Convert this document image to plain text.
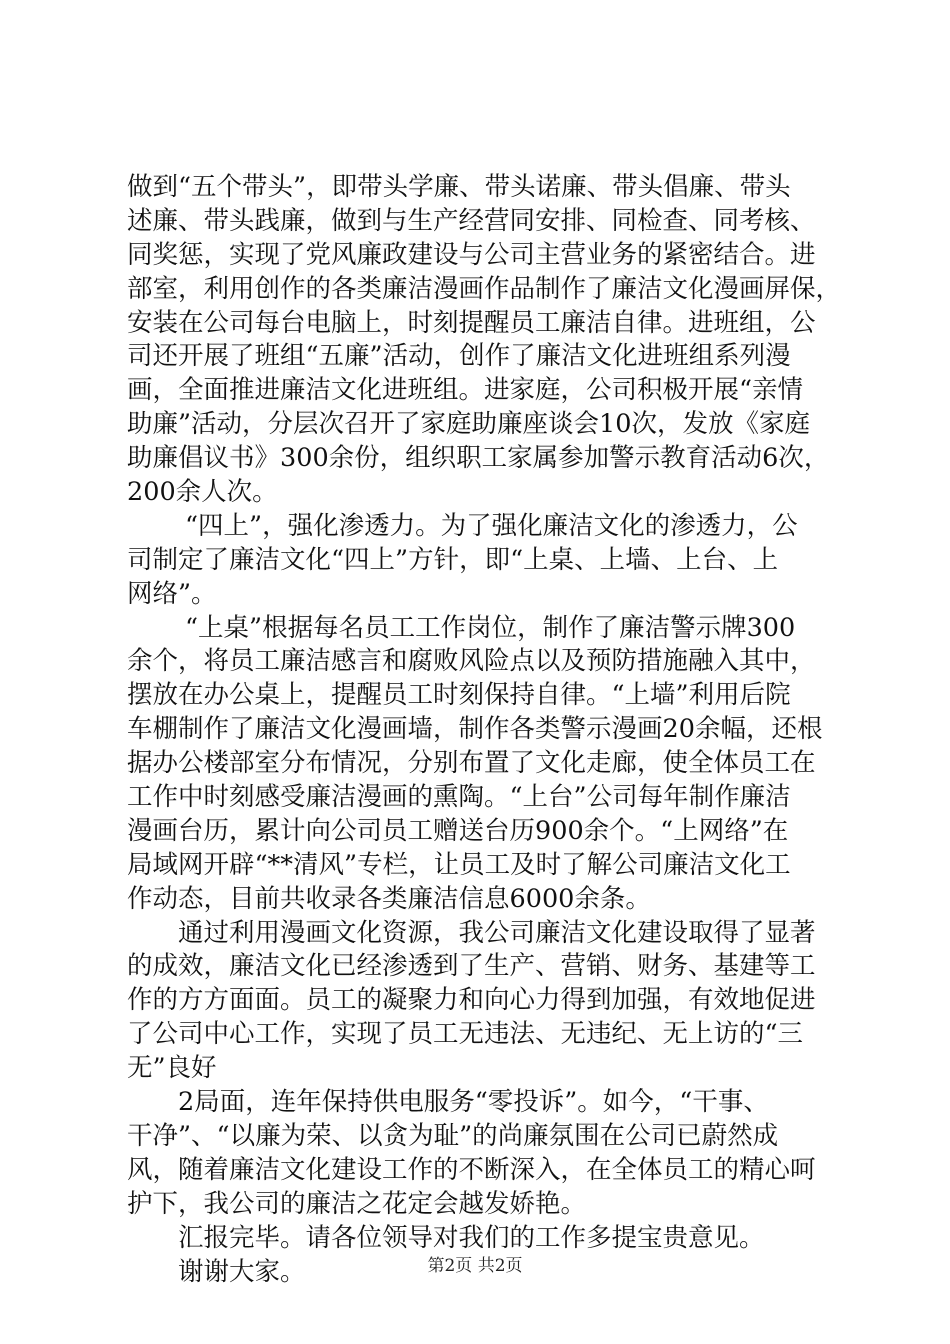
做到“五个带头”，即带头学廉、带头诺廉、带头倡廉、带头
述廉、带头践廉，做到与生产经营同安排、同检查、同考核、
同奖惩，实现了党风廉政建设与公司主营业务的紧密结合。进
部室，利用创作的各类廉洁漫画作品制作了廉洁文化漫画屏保，
安装在公司每台电脑上，时刻提醒员工廉洁自律。进班组，公
司还开展了班组“五廉”活动，创作了廉洁文化进班组系列漫
画，全面推进廉洁文化进班组。进家庭，公司积极开展“亲情
助廉”活动，分层次召开了家庭助廉座谈会10次，发放《家庭
助廉倡议书》300余份，组织职工家属参加警示教育活动6次，
200余人次。
“四上”，强化渗透力。为了强化廉洁文化的渗透力，公
司制定了廉洁文化“四上”方针，即“上桌、上墙、上台、上
网络”。
“上桌”根据每名员工工作岗位，制作了廉洁警示牌300
余个，将员工廉洁感言和腐败风险点以及预防措施融入其中，
摆放在办公桌上，提醒员工时刻保持自律。“上墙”利用后院
车棚制作了廉洁文化漫画墙，制作各类警示漫画20余幅，还根
据办公楼部室分布情况，分别布置了文化走廊，使全体员工在
工作中时刻感受廉洁漫画的熏陶。“上台”公司每年制作廉洁
漫画台历，累计向公司员工赠送台历900余个。“上网络”在
局域网开辟“**清风”专栏，让员工及时了解公司廉洁文化工
作动态，目前共收录各类廉洁信息6000余条。
通过利用漫画文化资源，我公司廉洁文化建设取得了显著
的成效，廉洁文化已经渗透到了生产、营销、财务、基建等工
作的方方面面。员工的凝聚力和向心力得到加强，有效地促进
了公司中心工作，实现了员工无违法、无违纪、无上访的“三
无”良好
2局面，连年保持供电服务“零投诉”。如今，“干事、
干净”、“以廉为荣、以贪为耻”的尚廉氛围在公司已蔚然成
风，随着廉洁文化建设工作的不断深入，在全体员工的精心呵
护下，我公司的廉洁之花定会越发娇艳。
汇报完毕。请各位领导对我们的工作多提宝贵意见。
谢谢大家。	第2页 共2页
